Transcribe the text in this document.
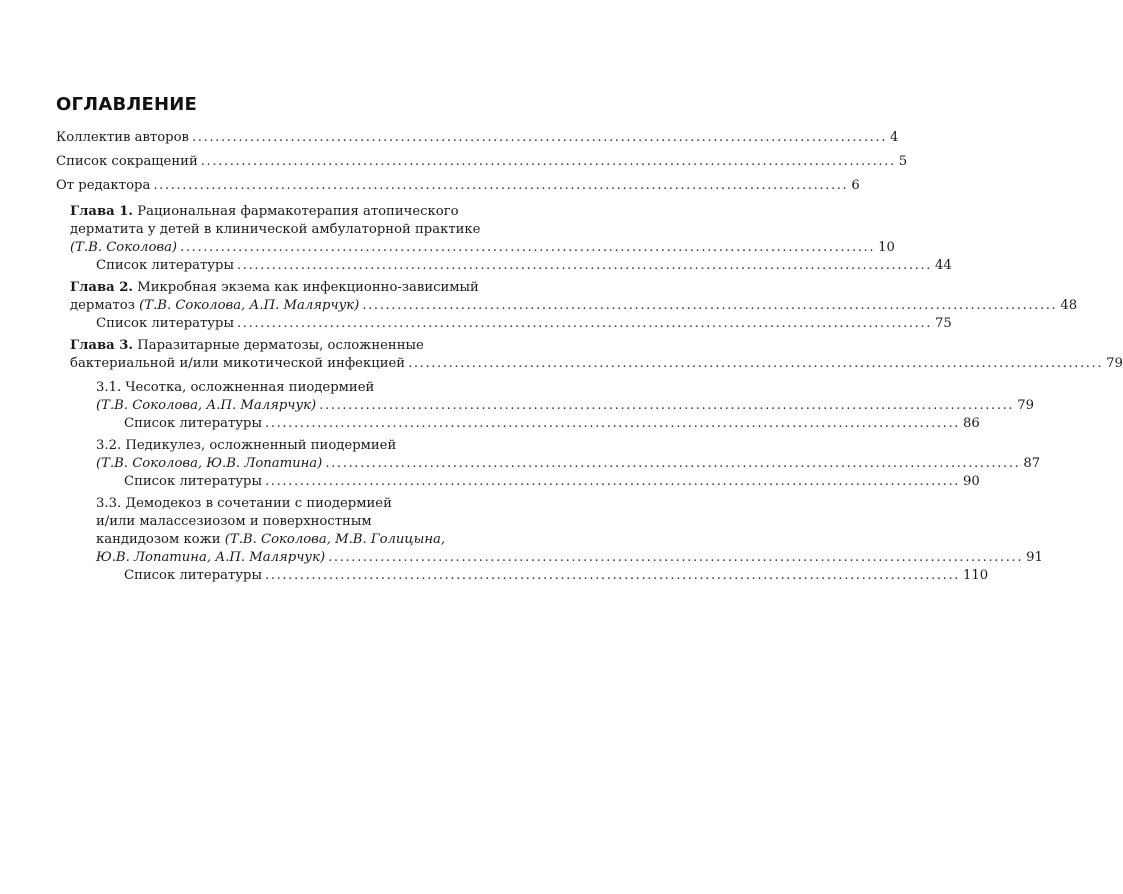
ОГЛАВЛЕНИЕ
Коллектив авторов ........................................................................................................................ 4
Список сокращений ........................................................................................................................ 5
От редактора ........................................................................................................................ 6
Глава 1. Рациональная фармакотерапия атопического
дерматита у детей в клинической амбулаторной практике
(Т.В. Соколова) ........................................................................................................................ 10
Список литературы ........................................................................................................................ 44
Глава 2. Микробная экзема как инфекционно-зависимый
дерматоз (Т.В. Соколова, А.П. Малярчук) ........................................................................................................................ 48
Список литературы ........................................................................................................................ 75
Глава 3. Паразитарные дерматозы, осложненные
бактериальной и/или микотической инфекцией ........................................................................................................................ 79
3.1. Чесотка, осложненная пиодермией
(Т.В. Соколова, А.П. Малярчук) ........................................................................................................................ 79
Список литературы ........................................................................................................................ 86
3.2. Педикулез, осложненный пиодермией
(Т.В. Соколова, Ю.В. Лопатина) ........................................................................................................................ 87
Список литературы ........................................................................................................................ 90
3.3. Демодекоз в сочетании с пиодермией
и/или малассезиозом и поверхностным
кандидозом кожи (Т.В. Соколова, М.В. Голицына,
Ю.В. Лопатина, А.П. Малярчук) ........................................................................................................................ 91
Список литературы ........................................................................................................................ 110
